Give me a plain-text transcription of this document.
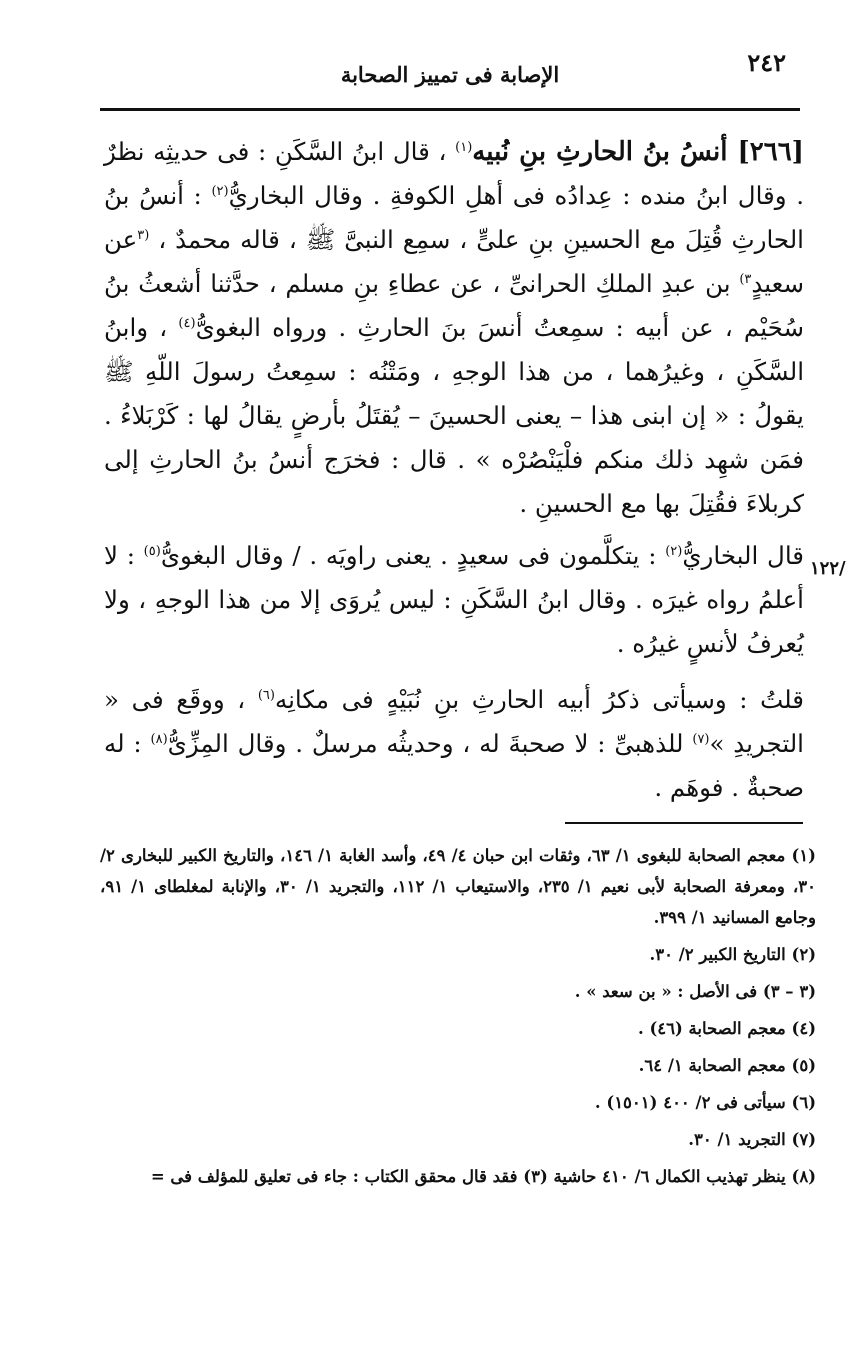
٢٤٢
الإصابة فى تمييز الصحابة
١٢٢/

[٢٦٦] أنسُ بنُ الحارثِ بنِ نُبيه$^{(١)}$ ، قال ابنُ السَّكَنِ : فى حديثِه نظرٌ . وقال ابنُ منده : عِدادُه فى أهلِ الكوفةِ . وقال البخاريُّ$^{(٢)}$ : أنسُ بنُ الحارثِ قُتِلَ مع الحسينِ بنِ علىٍّ ، سمِع النبىَّ ﷺ ، قاله محمدٌ ، $^{(٣}$عن سعيدٍ$^{٣)}$ بن عبدِ الملكِ الحرانىِّ ، عن عطاءِ بنِ مسلم ، حدَّثنا أشعثُ بنُ سُحَيْم ، عن أبيه : سمِعتُ أنسَ بنَ الحارثِ . ورواه البغوىُّ$^{(٤)}$ ، وابنُ السَّكَنِ ، وغيرُهما ، من هذا الوجهِ ، ومَتْنُه : سمِعتُ رسولَ اللّهِ ﷺ يقولُ : « إن ابنى هذا – يعنى الحسينَ – يُقتَلُ بأرضٍ يقالُ لها : كَرْبَلاءُ . فمَن شهِد ذلك منكم فلْيَنْصُرْه » . قال : فخرَج أنسُ بنُ الحارثِ إلى كربلاءَ فقُتِلَ بها مع الحسينِ .

قال البخاريُّ$^{(٢)}$ : يتكلَّمون فى سعيدٍ . يعنى راويَه . / وقال البغوىُّ$^{(٥)}$ : لا أعلمُ رواه غيرَه . وقال ابنُ السَّكَنِ : ليس يُروَى إلا من هذا الوجهِ ، ولا يُعرفُ لأنسٍ غيرُه .

قلتُ : وسيأتى ذكرُ أبيه الحارثِ بنِ نُبَيْهٍ فى مكانِه$^{(٦)}$ ، ووقَع فى « التجريدِ »$^{(٧)}$ للذهبىِّ : لا صحبةَ له ، وحديثُه مرسلٌ . وقال المِزِّىُّ$^{(٨)}$ : له صحبةٌ . فوهَم .

(١) معجم الصحابة للبغوى ١/ ٦٣، وثقات ابن حبان ٤/ ٤٩، وأسد الغابة ١/ ١٤٦، والتاريخ الكبير للبخارى ٢/ ٣٠، ومعرفة الصحابة لأبى نعيم ١/ ٢٣٥، والاستيعاب ١/ ١١٢، والتجريد ١/ ٣٠، والإنابة لمغلطاى ١/ ٩١، وجامع المسانيد ١/ ٣٩٩.

(٢) التاريخ الكبير ٢/ ٣٠.

(٣ – ٣) فى الأصل : « بن سعد » .

(٤) معجم الصحابة (٤٦) .

(٥) معجم الصحابة ١/ ٦٤.

(٦) سيأتى فى ٢/ ٤٠٠ (١٥٠١) .

(٧) التجريد ١/ ٣٠.

(٨) ينظر تهذيب الكمال ٦/ ٤١٠ حاشية (٣) فقد قال محقق الكتاب : جاء فى تعليق للمؤلف فى =
